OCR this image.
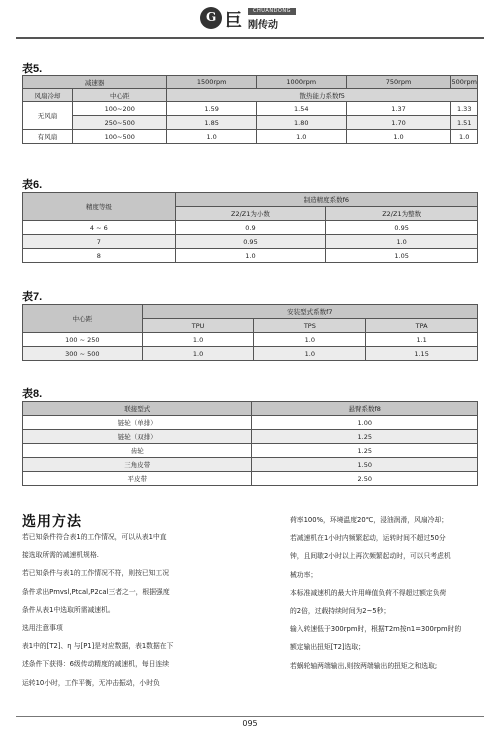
G 巨	CHUANDONG
刚传动
表5.
减速器		1500rpm	1000rpm	750rpm	500rpm
风扇冷却	中心距	散热能力系数f5			
无风扇	100~200	1.59	1.54	1.37	1.33
	250~500	1.85	1.80	1.70	1.51
有风扇	100~500	1.0	1.0	1.0	1.0
表6.
精度等级	制造精度系数f6	
	Z2/Z1为小数	Z2/Z1为整数
4 ~ 6	0.9	0.95
7	0.95	1.0
8	1.0	1.05
表7.
中心距	安装型式系数f7		
	TPU	TPS	TPA
100 ~ 250	1.0	1.0	1.1
300 ~ 500	1.0	1.0	1.15
表8.
联接型式	悬臂系数f8
链轮（单排）	1.00
链轮（双排）	1.25
齿轮	1.25
三角皮带	1.50
平皮带	2.50
选用方法

若已知条件符合表1的工作情况，可以从表1中直

接选取所需的减速机规格.

若已知条件与表1的工作情况不符，则按已知工况

条件求出Pmvsl,Ptcal,P2cal三者之一，根据强度

条件从表1中选取所需减速机。

选用注意事项

表1中的[T2]、η 与[P1]是对应数据，表1数据在下

述条件下获得：6级传动精度的减速机，每日连续

运转10小时，工作平衡，无冲击振动，小时负

荷率100%，环境温度20℃，浸油润滑，风扇冷却；

若减速机在1小时内频繁起动，运转时间不超过50分

钟，且间歇2小时以上再次频繁起动时，可以只考虑机

械功率；

本标准减速机的最大许用峰值负荷不得超过额定负荷

的2倍，过载持续时间为2~5秒；

输入转速低于300rpm时，根据T2m按n1=300rpm时的

额定输出扭矩[T2]选取；

若蜗轮轴两端输出,则按两端输出的扭矩之和选取;

095
